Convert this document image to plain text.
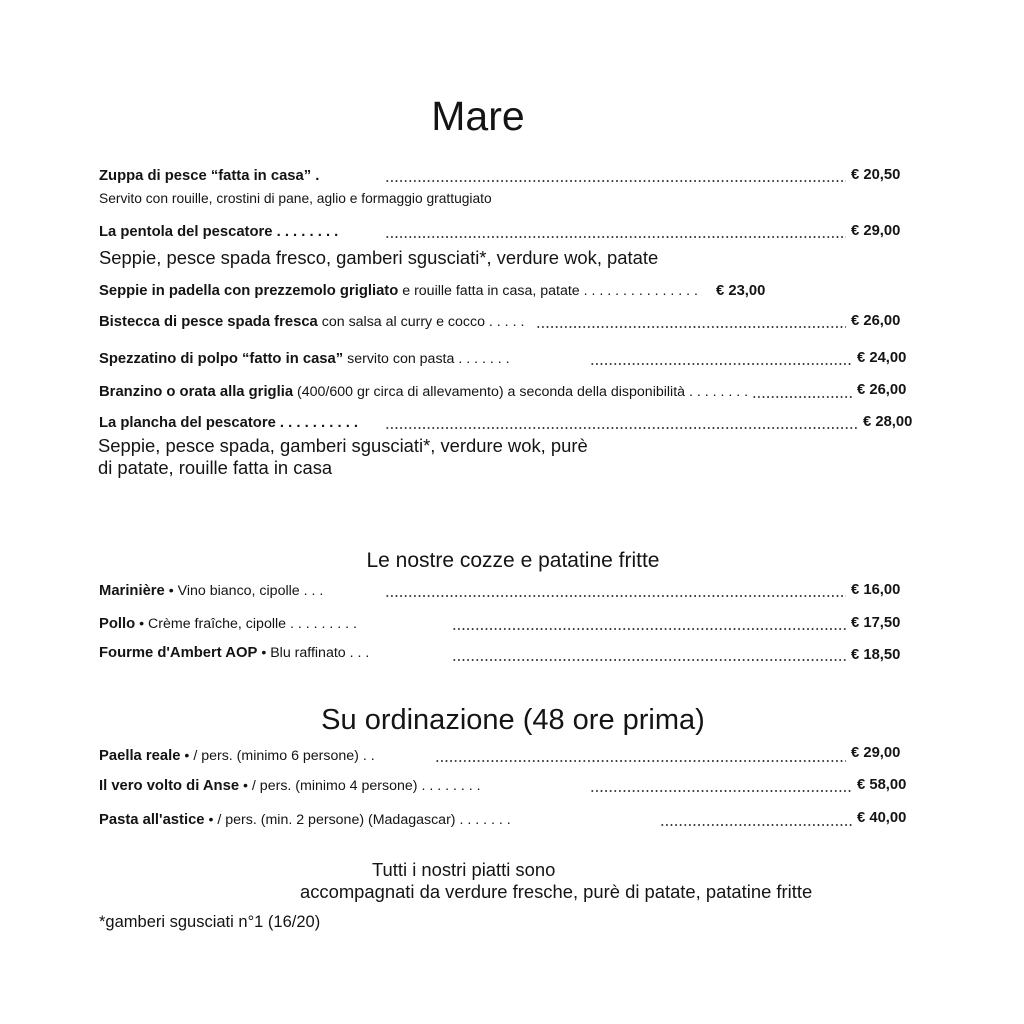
Mare
Zuppa di pesce “fatta in casa” .	€ 20,50
Servito con rouille, crostini di pane, aglio e formaggio grattugiato
La pentola del pescatore . . . . . . . .	€ 29,00
Seppie, pesce spada fresco, gamberi sgusciati*, verdure wok, patate
Seppie in padella con prezzemolo grigliato e rouille fatta in casa, patate . . . . . . . . . . . . . . . € 23,00
Bistecca di pesce spada fresca con salsa al curry e cocco . . . . .	€ 26,00
Spezzatino di polpo “fatto in casa” servito con pasta . . . . . . .	€ 24,00
Branzino o orata alla griglia (400/600 gr circa di allevamento) a seconda della disponibilità . . . . . . . .	€ 26,00
La plancha del pescatore . . . . . . . . . .	€ 28,00
Seppie, pesce spada, gamberi sgusciati*, verdure wok, purè
di patate, rouille fatta in casa
Le nostre cozze e patatine fritte
Marinière • Vino bianco, cipolle . . .	€ 16,00
Pollo • Crème fraîche, cipolle . . . . . . . . .	€ 17,50
Fourme d'Ambert AOP • Blu raffinato . . .	€ 18,50
Su ordinazione (48 ore prima)
Paella reale • / pers. (minimo 6 persone) . .	€ 29,00
Il vero volto di Anse • / pers. (minimo 4 persone) . . . . . . . .	€ 58,00
Pasta all'astice • / pers. (min. 2 persone) (Madagascar) . . . . . . .	€ 40,00
Tutti i nostri piatti sono
accompagnati da verdure fresche, purè di patate, patatine fritte
*gamberi sgusciati n°1 (16/20)
